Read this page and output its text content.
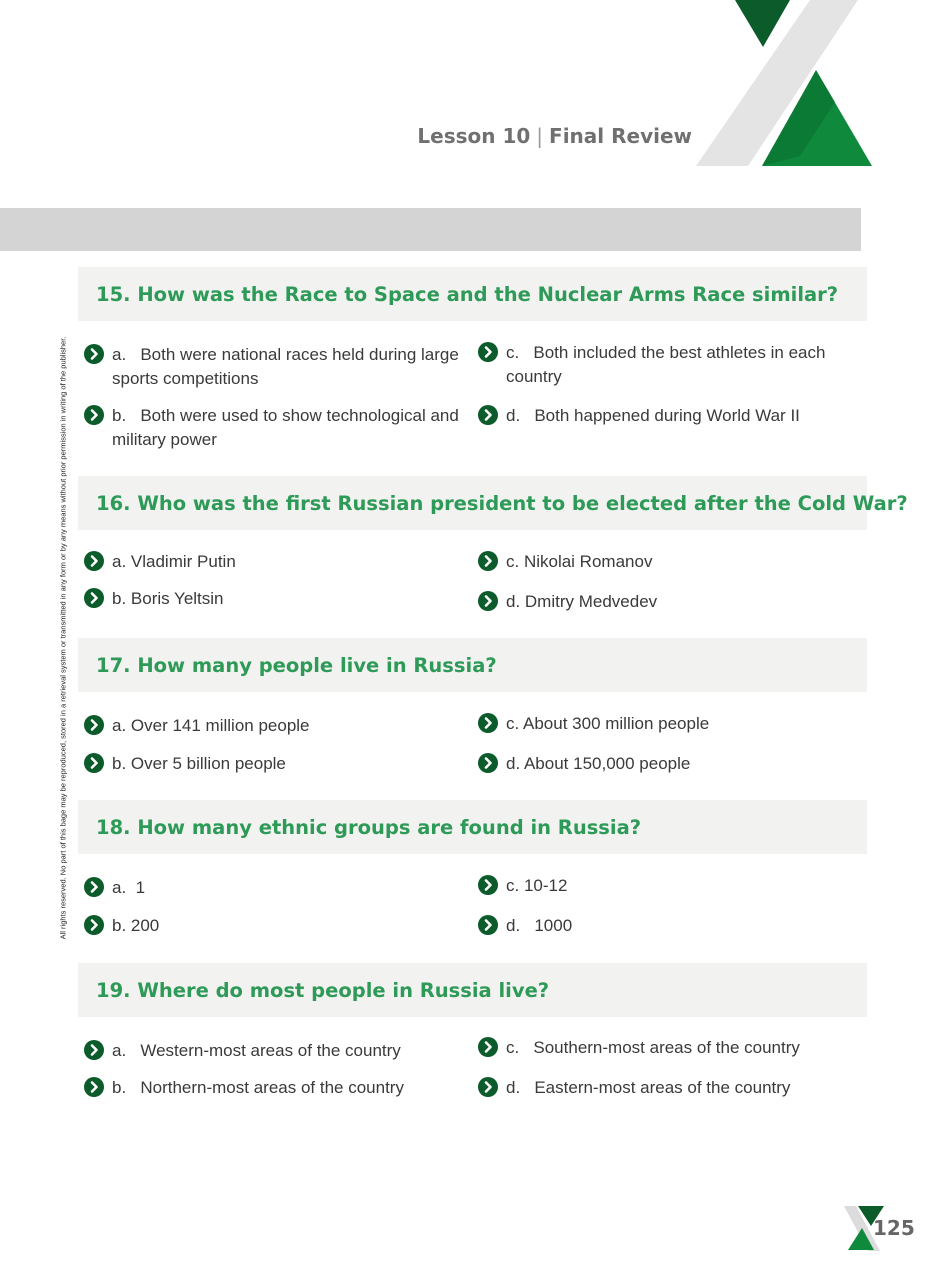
Lesson 10 | Final Review
All rights reserved. No part of this bage may be reproduced, stored in a retrieval system or transmitted in any form or by any means without prior permission in writing of the publisher.
15. How was the Race to Space and the Nuclear Arms Race similar?
a.   Both were national races held during large sports competitions
b.   Both were used to show technological and military power
c.   Both included the best athletes in each country
d.   Both happened during World War II
16. Who was the first Russian president to be elected after the Cold War?
a. Vladimir Putin
b. Boris Yeltsin
c. Nikolai Romanov
d. Dmitry Medvedev
17. How many people live in Russia?
a. Over 141 million people
b. Over 5 billion people
c. About 300 million people
d. About 150,000 people
18. How many ethnic groups are found in Russia?
a.  1
b. 200
c. 10-12
d.   1000
19. Where do most people in Russia live?
a.   Western-most areas of the country
b.   Northern-most areas of the country
c.   Southern-most areas of the country
d.   Eastern-most areas of the country
125
